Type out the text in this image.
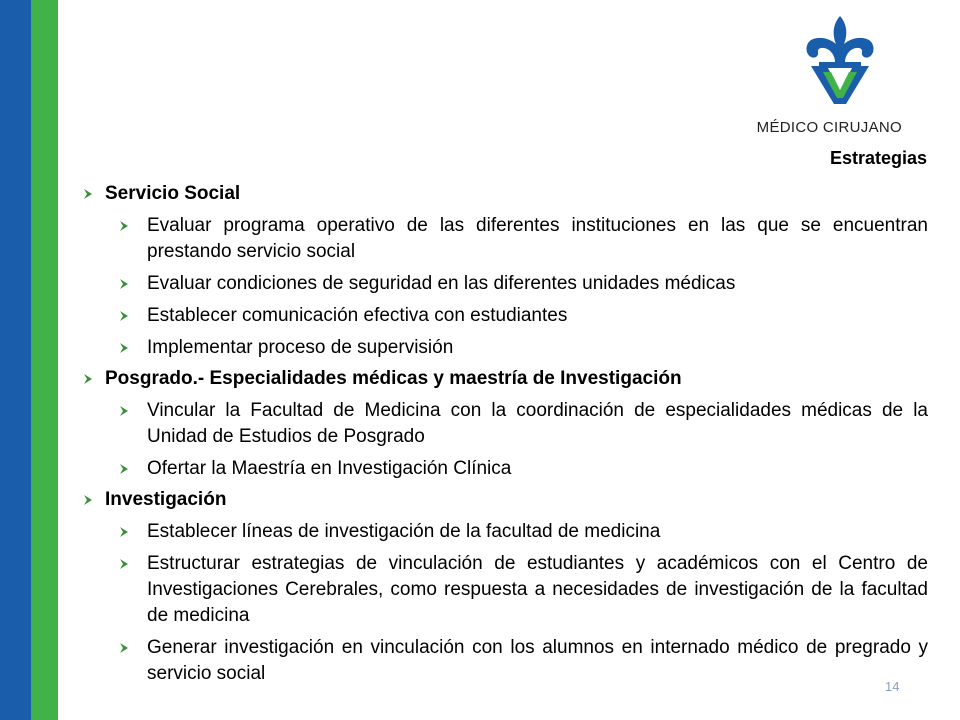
MÉDICO CIRUJANO
Estrategias
Servicio Social
Evaluar programa operativo de las diferentes instituciones en las que se encuentran prestando servicio social
Evaluar condiciones de seguridad en las diferentes unidades médicas
Establecer comunicación efectiva con estudiantes
Implementar proceso de supervisión
Posgrado.- Especialidades médicas y maestría de Investigación
Vincular la Facultad de Medicina con la coordinación de especialidades médicas de la Unidad de Estudios de Posgrado
Ofertar la Maestría en Investigación Clínica
Investigación
Establecer líneas de investigación de la facultad de medicina
Estructurar estrategias de vinculación de estudiantes y académicos con el Centro de Investigaciones Cerebrales, como respuesta a necesidades de investigación de la facultad de medicina
Generar investigación en vinculación con los alumnos en internado médico de pregrado y servicio social
14
